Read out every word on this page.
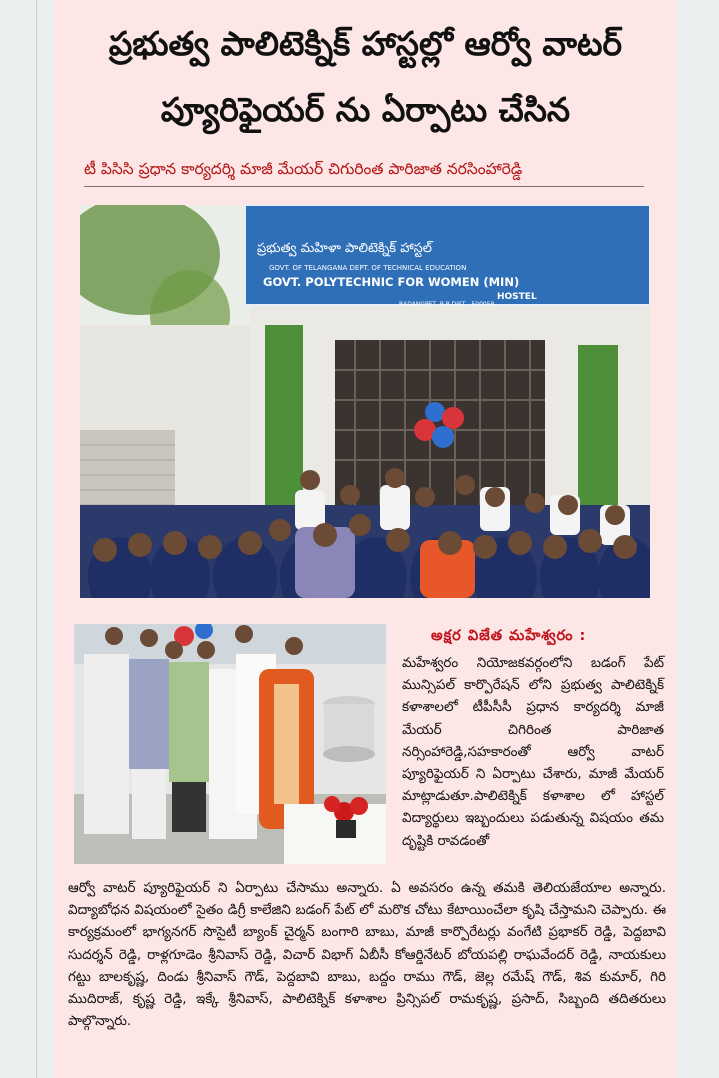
ప్రభుత్వ పాలిటెక్నిక్ హాస్టల్లో ఆర్వో వాటర్
ప్యూరిఫైయర్ ను ఏర్పాటు చేసిన
టీ పిసిసి ప్రధాన కార్యదర్శి మాజీ మేయర్ చిగురింత పారిజాత నరసింహారెడ్డి
ప్రభుత్వ మహిళా పాలిటెక్నిక్ హాస్టల్
GOVT. OF TELANGANA DEPT. OF TECHNICAL EDUCATION
GOVT. POLYTECHNIC FOR WOMEN (MIN)
HOSTEL
BADANGPET, R.R.DIST - 500058
అక్షర విజేత మహేశ్వరం :
మహేశ్వరం నియోజకవర్గంలోని బడంగ్ పేట్ మున్సిపల్ కార్పొరేషన్ లోని ప్రభుత్వ పాలిటెక్నిక్ కళాశాలలో టీపీసీసీ ప్రధాన కార్యదర్శి మాజీ మేయర్ చిగిరింత పారిజాత నర్సింహారెడ్డి,సహకారంతో ఆర్వో వాటర్ ప్యూరిఫైయర్ ని ఏర్పాటు చేశారు, మాజీ మేయర్ మాట్లాడుతూ.పాలిటెక్నిక్ కళాశాల లో హాస్టల్ విద్యార్థులు ఇబ్బందులు పడుతున్న విషయం తమ దృష్టికి రావడంతో
ఆర్వో వాటర్ ప్యూరిఫైయర్ ని ఏర్పాటు చేసాము అన్నారు. ఏ అవసరం ఉన్న తమకి తెలియజేయాల అన్నారు. విద్యాబోధన విషయంలో సైతం డిగ్రీ కాలేజిని బడంగ్ పేట్ లో మరొక చోటు కేటాయించేలా కృషి చేస్తామని చెప్పారు. ఈ కార్యక్రమంలో భాగ్యనగర్ సొసైటీ బ్యాంక్ చైర్మన్ బంగారి బాబు, మాజీ కార్పొరేటర్లు వంగేటి ప్రభాకర్ రెడ్డి, పెద్దబావి సుదర్శన్ రెడ్డి, రాళ్లగూడెం శ్రీనివాస్ రెడ్డి, విచార్ విభాగ్ ఏబీసీ కోఆర్డినేటర్ బోయపల్లి రాఘవేందర్ రెడ్డి, నాయకులు గట్టు బాలకృష్ణ, దిండు శ్రీనివాస్ గౌడ్, పెద్దబావి బాబు, బద్దం రాము గౌడ్, జెల్ల రమేష్ గౌడ్, శివ కుమార్, గిరి ముదిరాజ్, కృష్ణ రెడ్డి, ఇక్కే శ్రీనివాస్, పాలిటెక్నిక్ కళాశాల ప్రిన్సిపల్ రామకృష్ణ, ప్రసాద్, సిబ్బంది తదితరులు పాల్గొన్నారు.
